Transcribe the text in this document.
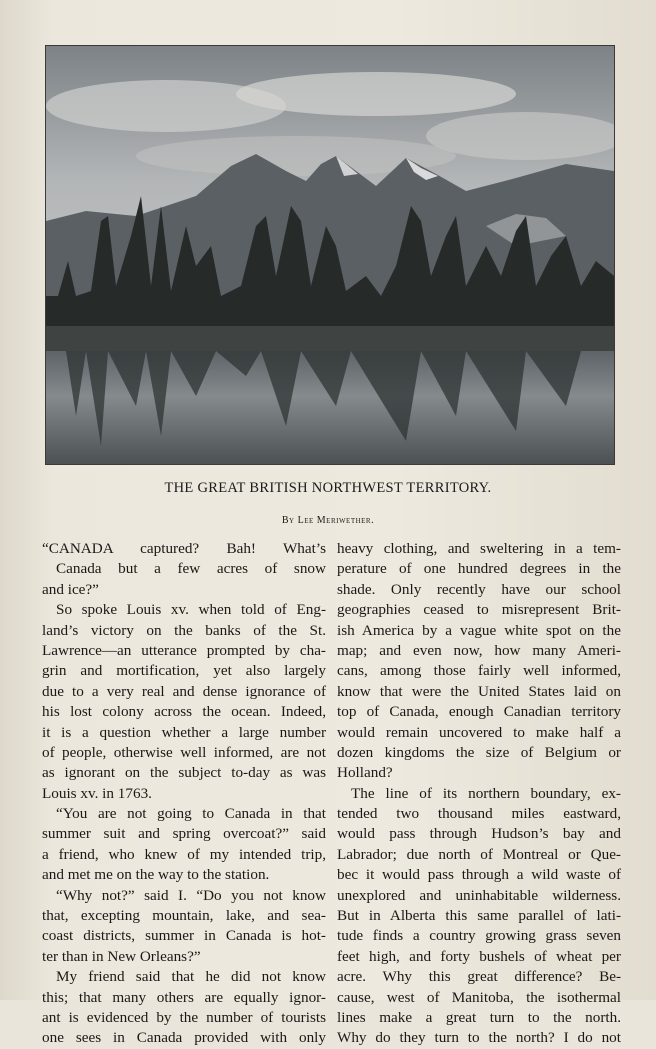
THE GREAT BRITISH NORTHWEST TERRITORY.
By Lee Meriwether.
“CANADA captured? Bah! What’s
Canada but a few acres of snow
and ice?”
So spoke Louis xv. when told of Eng-
land’s victory on the banks of the St.
Lawrence—an utterance prompted by cha-
grin and mortification, yet also largely
due to a very real and dense ignorance of
his lost colony across the ocean. Indeed,
it is a question whether a large number
of people, otherwise well informed, are not
as ignorant on the subject to-day as was
Louis xv. in 1763.
“You are not going to Canada in that
summer suit and spring overcoat?” said
a friend, who knew of my intended trip,
and met me on the way to the station.
“Why not?” said I. “Do you not know
that, excepting mountain, lake, and sea-
coast districts, summer in Canada is hot-
ter than in New Orleans?”
My friend said that he did not know
this; that many others are equally ignor-
ant is evidenced by the number of tourists
one sees in Canada provided with only
heavy clothing, and sweltering in a tem-
perature of one hundred degrees in the
shade. Only recently have our school
geographies ceased to misrepresent Brit-
ish America by a vague white spot on the
map; and even now, how many Ameri-
cans, among those fairly well informed,
know that were the United States laid on
top of Canada, enough Canadian territory
would remain uncovered to make half a
dozen kingdoms the size of Belgium or
Holland?
The line of its northern boundary, ex-
tended two thousand miles eastward,
would pass through Hudson’s bay and
Labrador; due north of Montreal or Que-
bec it would pass through a wild waste of
unexplored and uninhabitable wilderness.
But in Alberta this same parallel of lati-
tude finds a country growing grass seven
feet high, and forty bushels of wheat per
acre. Why this great difference? Be-
cause, west of Manitoba, the isothermal
lines make a great turn to the north.
Why do they turn to the north? I do not
